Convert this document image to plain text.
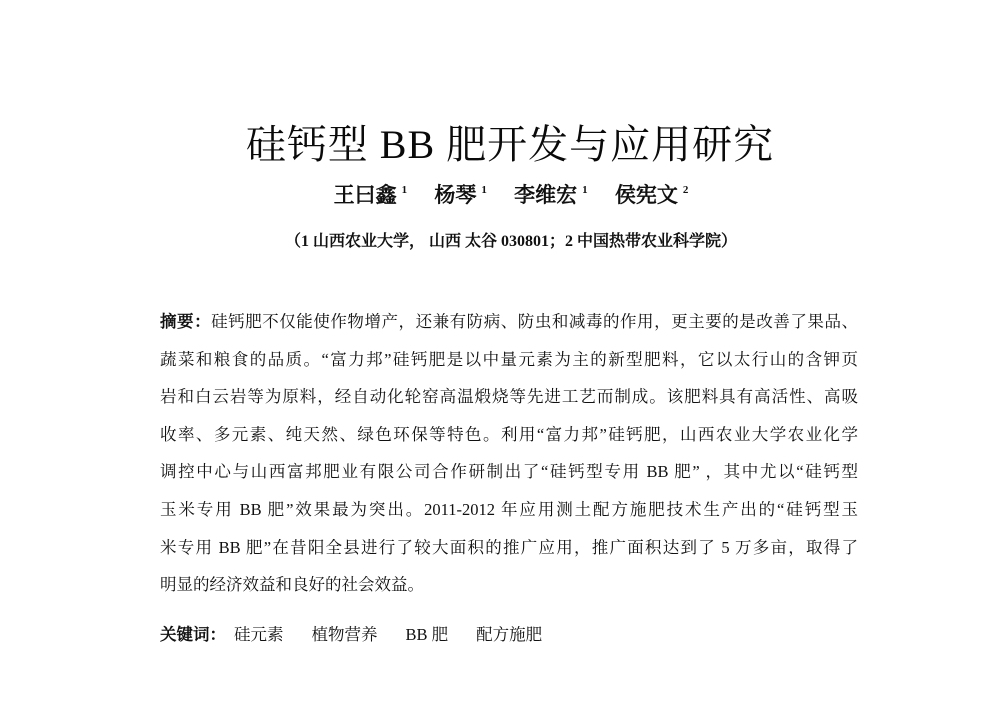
硅钙型 BB 肥开发与应用研究
王曰鑫 $^1$ 杨琴 $^1$ 李维宏 $^1$ 侯宪文 $^2$
（1 山西农业大学， 山西 太谷 030801；2 中国热带农业科学院）
摘要：硅钙肥不仅能使作物增产，还兼有防病、防虫和减毒的作用，更主要的是改善了果品、
蔬菜和粮食的品质。“富力邦”硅钙肥是以中量元素为主的新型肥料，它以太行山的含钾页
岩和白云岩等为原料，经自动化轮窑高温煅烧等先进工艺而制成。该肥料具有高活性、高吸
收率、多元素、纯天然、绿色环保等特色。利用“富力邦”硅钙肥，山西农业大学农业化学
调控中心与山西富邦肥业有限公司合作研制出了“硅钙型专用 BB 肥” ，其中尤以“硅钙型
玉米专用 BB 肥”效果最为突出。2011-2012 年应用测土配方施肥技术生产出的“硅钙型玉
米专用 BB 肥”在昔阳全县进行了较大面积的推广应用，推广面积达到了 5 万多亩，取得了
明显的经济效益和良好的社会效益。
关键词： 硅元素 植物营养 BB 肥 配方施肥
